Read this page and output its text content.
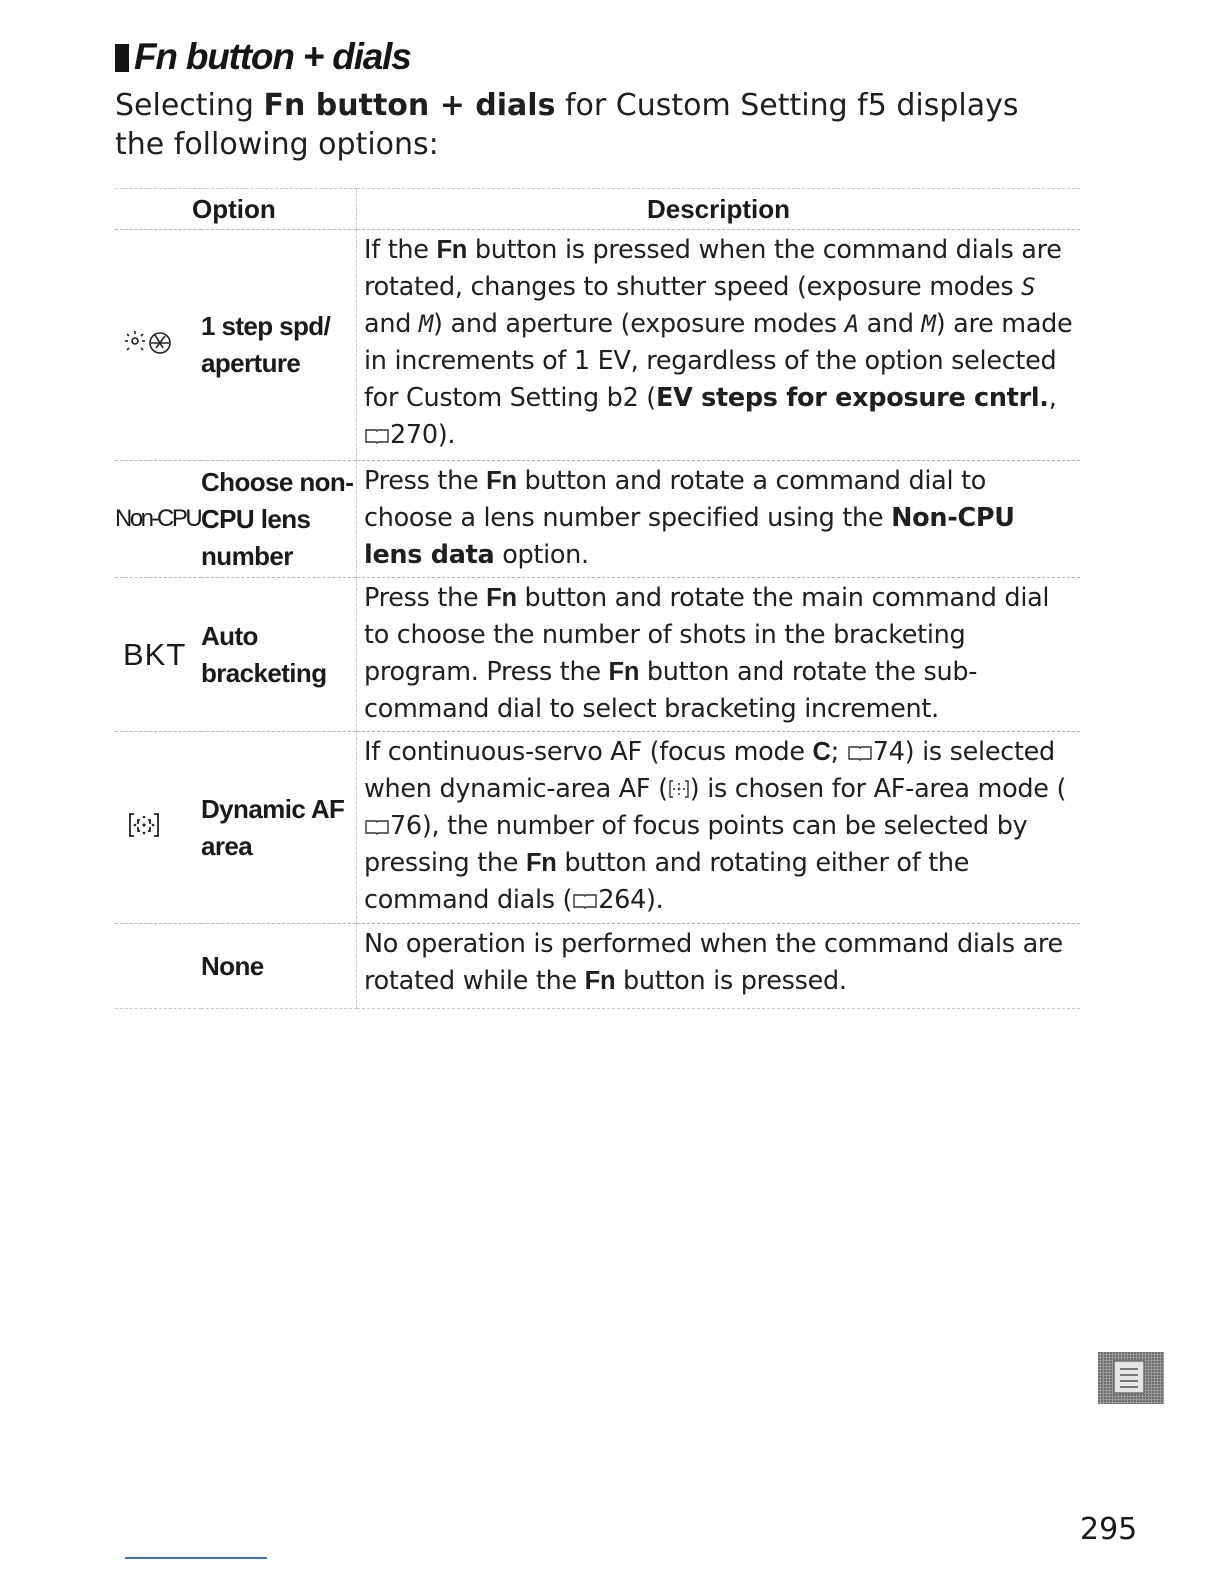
Fn button + dials
Selecting Fn button + dials for Custom Setting f5 displays the following options:
Option		Description
	1 step spd/
aperture	If the Fn button is pressed when the command dials are rotated, changes to shutter speed (exposure modes S and M) and aperture (exposure modes A and M) are made in increments of 1 EV, regardless of the option selected for Custom Setting b2 (EV steps for exposure cntrl., 270).
Non-CPU	Choose non-
CPU lens
number	Press the Fn button and rotate a command dial to choose a lens number specified using the Non-CPU lens data option.
BKT	Auto
bracketing	Press the Fn button and rotate the main command dial to choose the number of shots in the bracketing program. Press the Fn button and rotate the sub-command dial to select bracketing increment.
	Dynamic AF
area	If continuous-servo AF (focus mode C; 74) is selected when dynamic-area AF ( ) is chosen for AF-area mode (76), the number of focus points can be selected by pressing the Fn button and rotating either of the command dials ( 264).
	None	No operation is performed when the command dials are rotated while the Fn button is pressed.
295
